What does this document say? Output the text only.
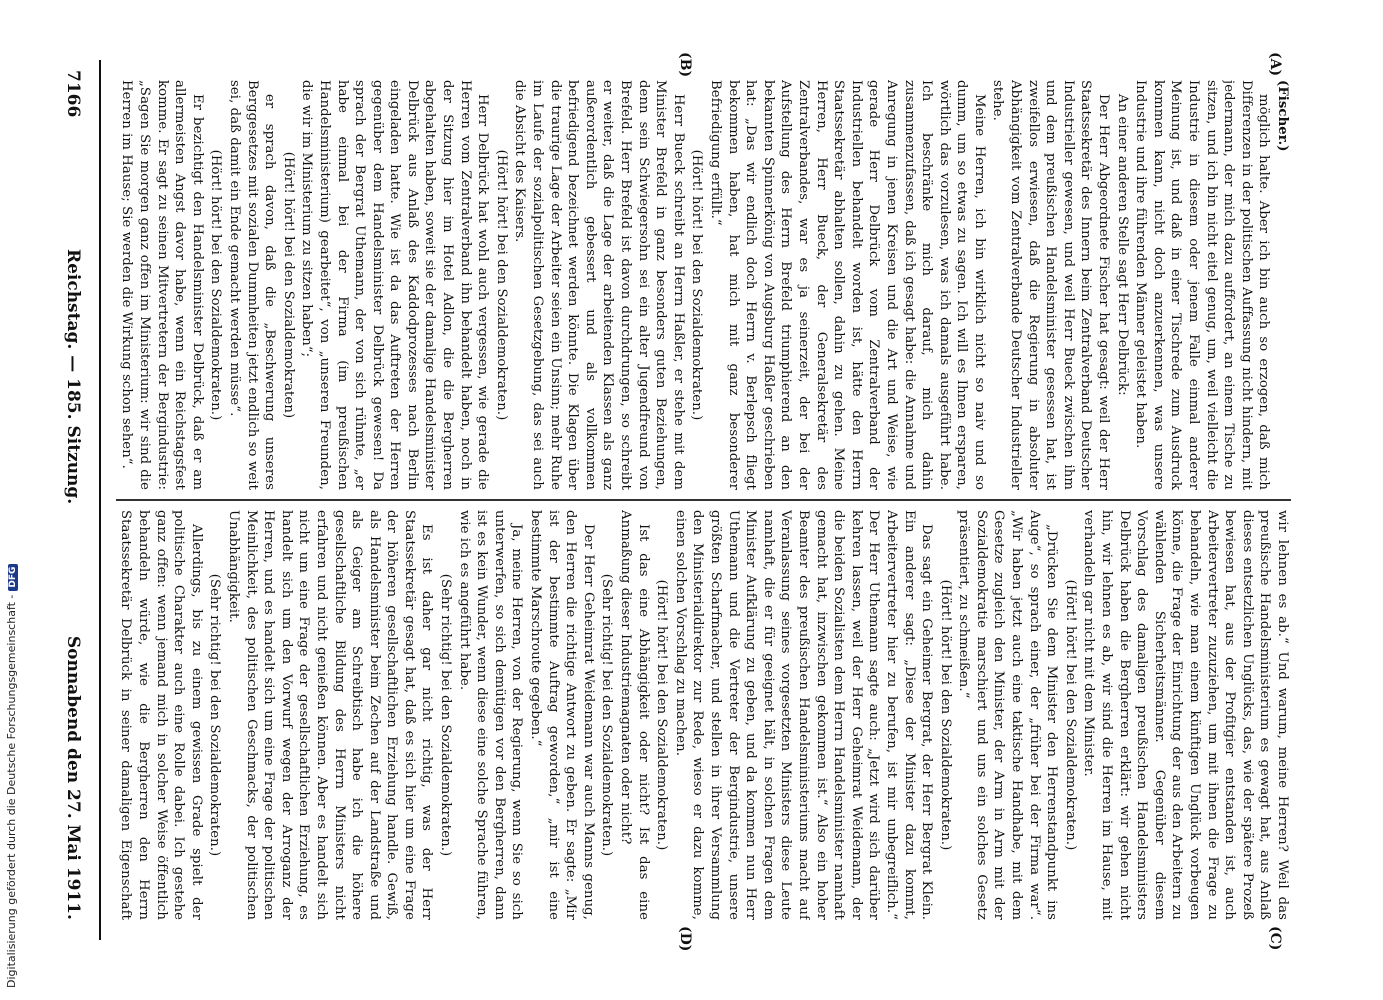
7166
Reichstag. — 185. Sitzung.
Sonnabend den 27. Mai 1911.
(A)
(B)
(C)
(D)

(Fischer.)

möglich halte. Aber ich bin auch so erzogen, daß mich Differenzen in der politischen Auffassung nicht hindern, mit jedermann, der mich dazu auffordert, an einem Tische zu sitzen, und ich bin nicht eitel genug, um, weil vielleicht die Industrie in diesem oder jenem Falle einmal anderer Meinung ist, und daß in einer Tischrede zum Ausdruck kommen kann, nicht doch anzuerkennen, was unsere Industrie und ihre führenden Männer geleistet haben.

An einer anderen Stelle sagt Herr Delbrück:

Der Herr Abgeordnete Fischer hat gesagt: weil der Herr Staatssekretär des Innern beim Zentralverband Deutscher Industrieller gewesen, und weil Herr Bueck zwischen ihm und dem preußischen Handelsminister gesessen hat, ist zweifellos erwiesen, daß die Regierung in absoluter Abhängigkeit vom Zentralverbande Deutscher Industrieller stehe.

Meine Herren, ich bin wirklich nicht so naiv und so dumm, um so etwas zu sagen. Ich will es Ihnen ersparen, wörtlich das vorzulesen, was ich damals ausgeführt habe. Ich beschränke mich darauf, mich dahin zusammenzufassen, daß ich gesagt habe: die Annahme und Anregung in jenen Kreisen und die Art und Weise, wie gerade Herr Delbrück vom Zentralverband der Industriellen behandelt worden ist, hätte den Herrn Staatssekretär abhalten sollen, dahin zu gehen. Meine Herren, Herr Bueck, der Generalsekretär des Zentralverbandes, war es ja seinerzeit, der bei der Aufstellung des Herrn Brefeld triumphierend an den bekannten Spinnerkönig von Augsburg Haßler geschrieben hat: „Das wir endlich doch Herrn v. Berlepsch fliegt bekommen haben, hat mich mit ganz besonderer Befriedigung erfüllt.“

(Hört! hört! bei den Sozialdemokraten.)

Herr Bueck schreibt an Herrn Haßler, er stehe mit dem Minister Brefeld in ganz besonders guten Beziehungen, denn sein Schwiegersohn sei ein alter Jugendfreund von Brefeld. Herr Brefeld ist davon durchdrungen, so schreibt er weiter, daß die Lage der arbeitenden Klassen als ganz außerordentlich gebessert und als vollkommen befriedigend bezeichnet werden könnte. Die Klagen über die traurige Lage der Arbeiter seien ein Unsinn; mehr Ruhe im Laufe der sozialpolitischen Gesetzgebung, das sei auch die Absicht des Kaisers.

(Hört! hört! bei den Sozialdemokraten.)

Herr Delbrück hat wohl auch vergessen, wie gerade die Herren vom Zentralverband ihn behandelt haben, noch in der Sitzung hier im Hotel Adlon, die die Bergherren abgehalten haben, soweit sie der damalige Handelsminister Delbrück aus Anlaß des Kaddodprozesses nach Berlin eingeladen hatte. Wie ist da das Auftreten der Herren gegenüber dem Handelsminister Delbrück gewesen! Da sprach der Bergrat Uthemann, der von sich rühmte, „er habe einmal bei der Firma (im preußischen Handelsministerium) gearbeitet“, von „unseren Freunden, die wir im Ministerium zu sitzen haben“;

(Hört! hört! bei den Sozialdemokraten)

er sprach davon, daß die „Beschwerung unseres Berggesetzes mit sozialen Dummheiten jetzt endlich so weit sei, daß damit ein Ende gemacht werden müsse“.

(Hört! hört! bei den Sozialdemokraten.)

Er bezichtigt den Handelsminister Delbrück, daß er am allermeisten Angst davor habe, wenn ein Reichstagsfest komme. Er sagt zu seinen Mitvertretern der Bergindustrie: „Sagen Sie morgen ganz offen im Ministerium: wir sind die Herren im Hause; Sie werden die Wirkung schon sehen“.

wir lehnen es ab.“ Und warum, meine Herren? Weil das preußische Handelsministerium es gewagt hat, aus Anlaß dieses entsetzlichen Unglücks, das, wie der spätere Prozeß bewiesen hat, aus der Profitgier entstanden ist, auch Arbeitervertreter zuzuziehen, um mit ihnen die Frage zu behandeln, wie man einem künftigen Unglück vorbeugen könne, die Frage der Einrichtung der aus den Arbeitern zu wählenden Sicherheitsmänner. Gegenüber diesem Vorschlag des damaligen preußischen Handelsministers Delbrück haben die Bergherren erklärt: wir gehen nicht hin, wir lehnen es ab, wir sind die Herren im Hause, mit verhandeln gar nicht mit dem Minister.

(Hört! hört! bei den Sozialdemokraten.)

„Drücken Sie dem Minister den Herrenstandpunkt ins Auge“, so sprach einer, der „früher bei der Firma war“. „Wir haben jetzt auch eine taktische Handhabe, mit dem Gesetze zugleich den Minister, der Arm in Arm mit der Sozialdemokratie marschiert und uns ein solches Gesetz präsentiert, zu schmeißen.“

(Hört! hört! bei den Sozialdemokraten.)

Das sagt ein Geheimer Bergrat, der Herr Bergrat Klein. Ein anderer sagt: „Diese der Minister dazu kommt, Arbeitervertreter hier zu berufen, ist mir unbegreiflich.“ Der Herr Uthemann sagte auch: „Jetzt wird sich darüber kehren lassen, weil der Herr Geheimrat Weidemann, der die beiden Sozialisten dem Herrn Handelsminister namhaft gemacht hat, inzwischen gekommen ist.“ Also ein hoher Beamter des preußischen Handelsministeriums macht auf Veranlassung seines vorgesetzten Ministers diese Leute namhaft, die er für geeignet hält, in solchen Fragen dem Minister Aufklärung zu geben, und da kommen nun Herr Uthemann und die Vertreter der Bergindustrie, unsere größten Scharfmacher, und stellen in ihrer Versammlung den Ministerialdirektor zur Rede, wieso er dazu komme, einen solchen Vorschlag zu machen.

(Hört! hört! bei den Sozialdemokraten.)

Ist das eine Abhängigkeit oder nicht? Ist das eine Anmaßung dieser Industriemagnaten oder nicht?

(Sehr richtig! bei den Sozialdemokraten.)

Der Herr Geheimrat Weidemann war auch Manns genug, den Herren die richtige Antwort zu geben. Er sagte: „Mir ist der bestimmte Auftrag geworden,“ „mir ist eine bestimmte Marschroute gegeben.“

Ja, meine Herren, von der Regierung, wenn Sie so sich unterwerfen, so sich demütigen vor den Bergherren, dann ist es kein Wunder, wenn diese eine solche Sprache führen, wie ich es angeführt habe.

(Sehr richtig! bei den Sozialdemokraten.)

Es ist daher gar nicht richtig, was der Herr Staatssekretär gesagt hat, daß es sich hier um eine Frage der höheren gesellschaftlichen Erziehung handle. Gewiß, als Handelsminister beim Zechen auf der Landstraße und als Geiger am Schreibtisch habe ich die höhere gesellschaftliche Bildung des Herrn Ministers nicht erfahren und nicht genießen können. Aber es handelt sich nicht um eine Frage der gesellschaftlichen Erziehung, es handelt sich um den Vorwurf wegen der Arroganz der Herren, und es handelt sich um eine Frage der politischen Meinlichkeit, des politischen Geschmacks, der politischen Unabhängigkeit.

(Sehr richtig! bei den Sozialdemokraten.)

Allerdings, bis zu einem gewissen Grade spielt der politische Charakter auch eine Rolle dabei. Ich gestehe ganz offen: wenn jemand mich in solcher Weise öffentlich behandeln würde, wie die Bergherren den Herrn Staatssekretär Delbrück in seiner damaligen Eigenschaft

Digitalisierung gefördert durch die Deutsche Forschungsgemeinschaft -DFG
